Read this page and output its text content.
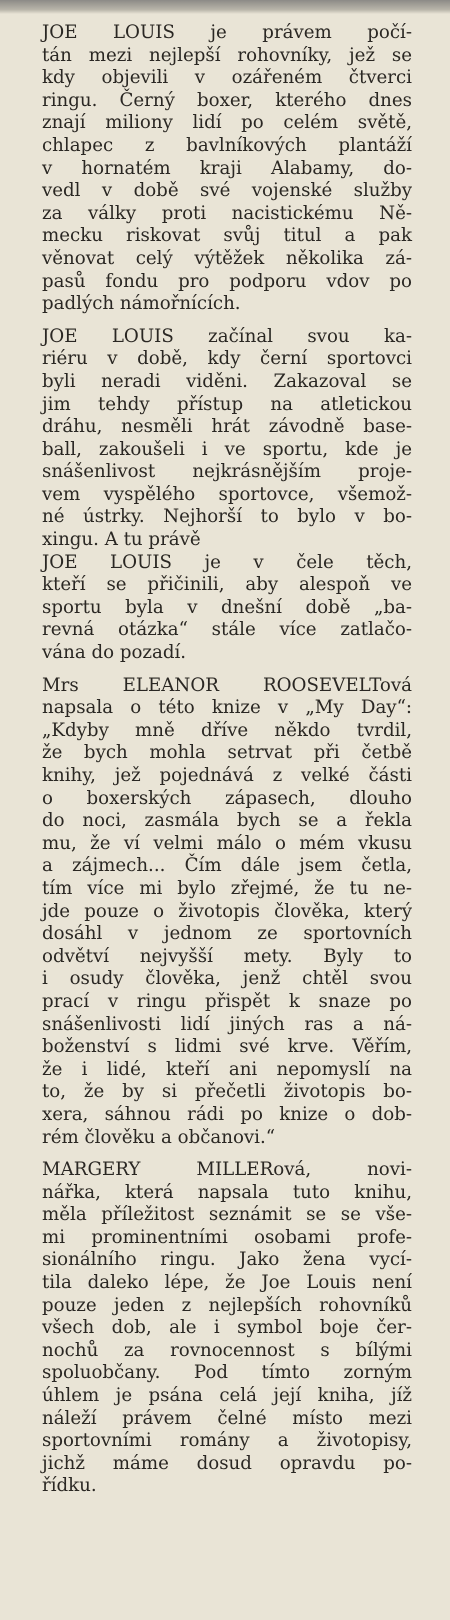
JOE LOUIS je právem počí-
tán mezi nejlepší rohovníky, jež se
kdy objevili v ozářeném čtverci
ringu. Černý boxer, kterého dnes
znají miliony lidí po celém světě,
chlapec z bavlníkových plantáží
v hornatém kraji Alabamy, do-
vedl v době své vojenské služby
za války proti nacistickému Ně-
mecku riskovat svůj titul a pak
věnovat celý výtěžek několika zá-
pasů fondu pro podporu vdov po
padlých námořnících.
JOE LOUIS začínal svou ka-
riéru v době, kdy černí sportovci
byli neradi viděni. Zakazoval se
jim tehdy přístup na atletickou
dráhu, nesměli hrát závodně base-
ball, zakoušeli i ve sportu, kde je
snášenlivost nejkrásnějším proje-
vem vyspělého sportovce, všemož-
né ústrky. Nejhorší to bylo v bo-
xingu. A tu právě
JOE LOUIS je v čele těch,
kteří se přičinili, aby alespoň ve
sportu byla v dnešní době „ba-
revná otázka“ stále více zatlačo-
vána do pozadí.
Mrs ELEANOR ROOSEVELTová
napsala o této knize v „My Day“:
„Kdyby mně dříve někdo tvrdil,
že bych mohla setrvat při četbě
knihy, jež pojednává z velké části
o boxerských zápasech, dlouho
do noci, zasmála bych se a řekla
mu, že ví velmi málo o mém vkusu
a zájmech... Čím dále jsem četla,
tím více mi bylo zřejmé, že tu ne-
jde pouze o životopis člověka, který
dosáhl v jednom ze sportovních
odvětví nejvyšší mety. Byly to
i osudy člověka, jenž chtěl svou
prací v ringu přispět k snaze po
snášenlivosti lidí jiných ras a ná-
boženství s lidmi své krve. Věřím,
že i lidé, kteří ani nepomyslí na
to, že by si přečetli životopis bo-
xera, sáhnou rádi po knize o dob-
rém člověku a občanovi.“
MARGERY MILLERová, novi-
nářka, která napsala tuto knihu,
měla příležitost seznámit se se vše-
mi prominentními osobami profe-
sionálního ringu. Jako žena vycí-
tila daleko lépe, že Joe Louis není
pouze jeden z nejlepších rohovníků
všech dob, ale i symbol boje čer-
nochů za rovnocennost s bílými
spoluobčany. Pod tímto zorným
úhlem je psána celá její kniha, jíž
náleží právem čelné místo mezi
sportovními romány a životopisy,
jichž máme dosud opravdu po-
řídku.
